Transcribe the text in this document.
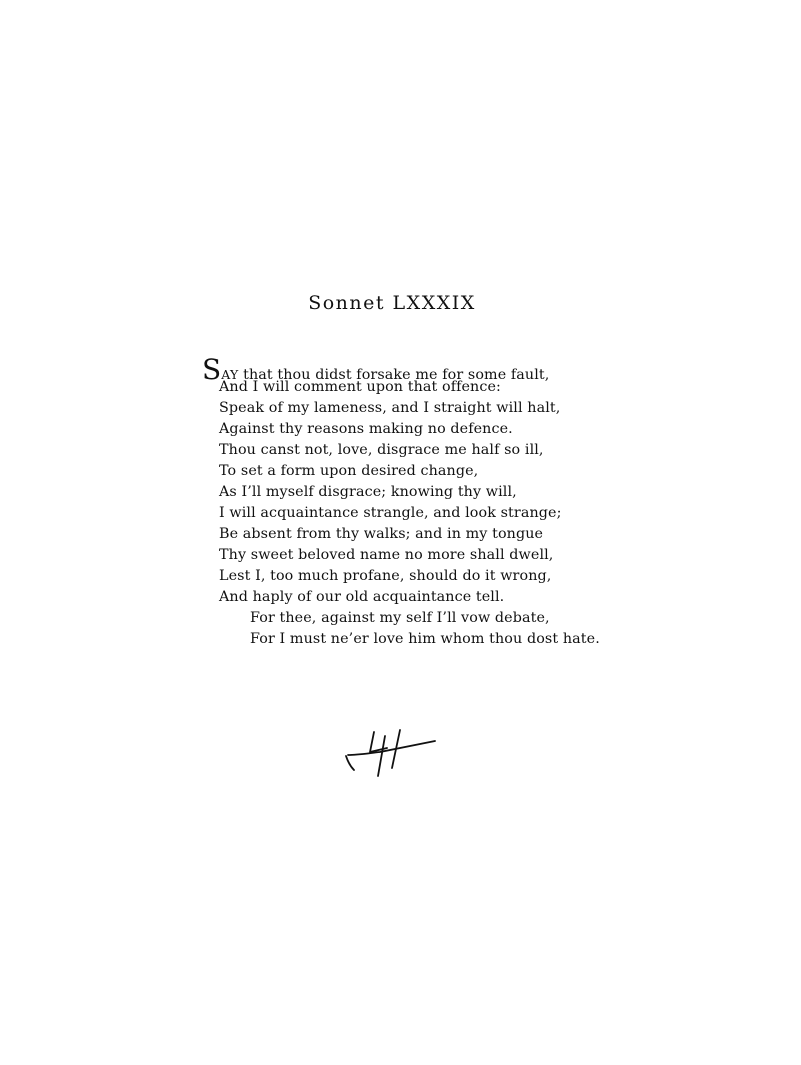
Sonnet LXXXIX
SAY that thou didst forsake me for some fault,
And I will comment upon that offence:
Speak of my lameness, and I straight will halt,
Against thy reasons making no defence.
Thou canst not, love, disgrace me half so ill,
To set a form upon desired change,
As I’ll myself disgrace; knowing thy will,
I will acquaintance strangle, and look strange;
Be absent from thy walks; and in my tongue
Thy sweet beloved name no more shall dwell,
Lest I, too much profane, should do it wrong,
And haply of our old acquaintance tell.
For thee, against my self I’ll vow debate,
For I must ne’er love him whom thou dost hate.
